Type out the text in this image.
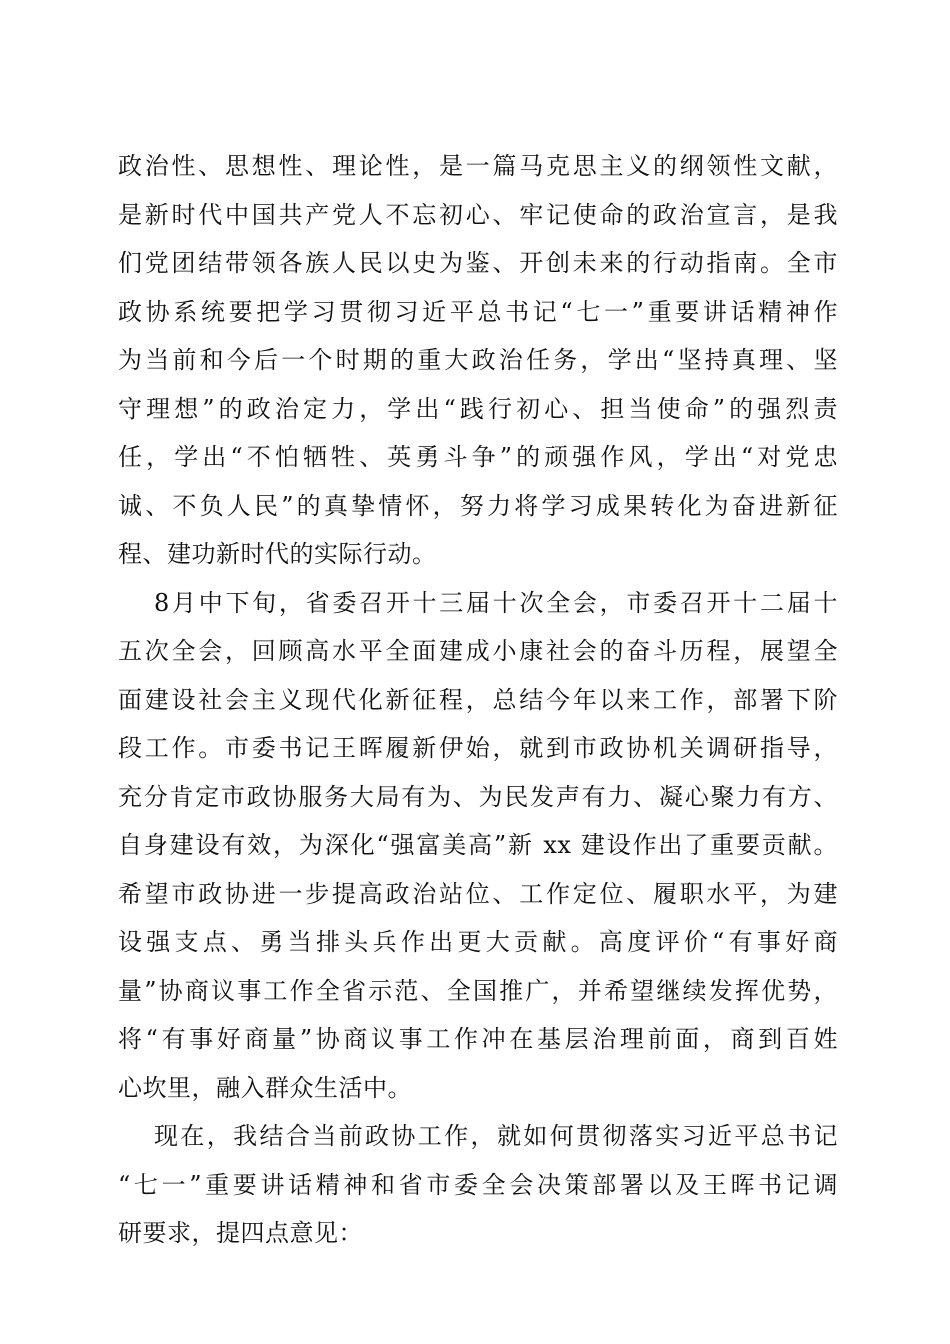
政治性、思想性、理论性，是一篇马克思主义的纲领性文献，
是新时代中国共产党人不忘初心、牢记使命的政治宣言，是我
们党团结带领各族人民以史为鉴、开创未来的行动指南。全市
政协系统要把学习贯彻习近平总书记“七一”重要讲话精神作
为当前和今后一个时期的重大政治任务，学出“坚持真理、坚
守理想”的政治定力，学出“践行初心、担当使命”的强烈责
任，学出“不怕牺牲、英勇斗争”的顽强作风，学出“对党忠
诚、不负人民”的真挚情怀，努力将学习成果转化为奋进新征
程、建功新时代的实际行动。
8月中下旬，省委召开十三届十次全会，市委召开十二届十
五次全会，回顾高水平全面建成小康社会的奋斗历程，展望全
面建设社会主义现代化新征程，总结今年以来工作，部署下阶
段工作。市委书记王晖履新伊始，就到市政协机关调研指导，
充分肯定市政协服务大局有为、为民发声有力、凝心聚力有方、
自身建设有效，为深化“强富美高”新 xx 建设作出了重要贡献。
希望市政协进一步提高政治站位、工作定位、履职水平，为建
设强支点、勇当排头兵作出更大贡献。高度评价“有事好商
量”协商议事工作全省示范、全国推广，并希望继续发挥优势，
将“有事好商量”协商议事工作冲在基层治理前面，商到百姓
心坎里，融入群众生活中。
现在，我结合当前政协工作，就如何贯彻落实习近平总书记
“七一”重要讲话精神和省市委全会决策部署以及王晖书记调
研要求，提四点意见：
